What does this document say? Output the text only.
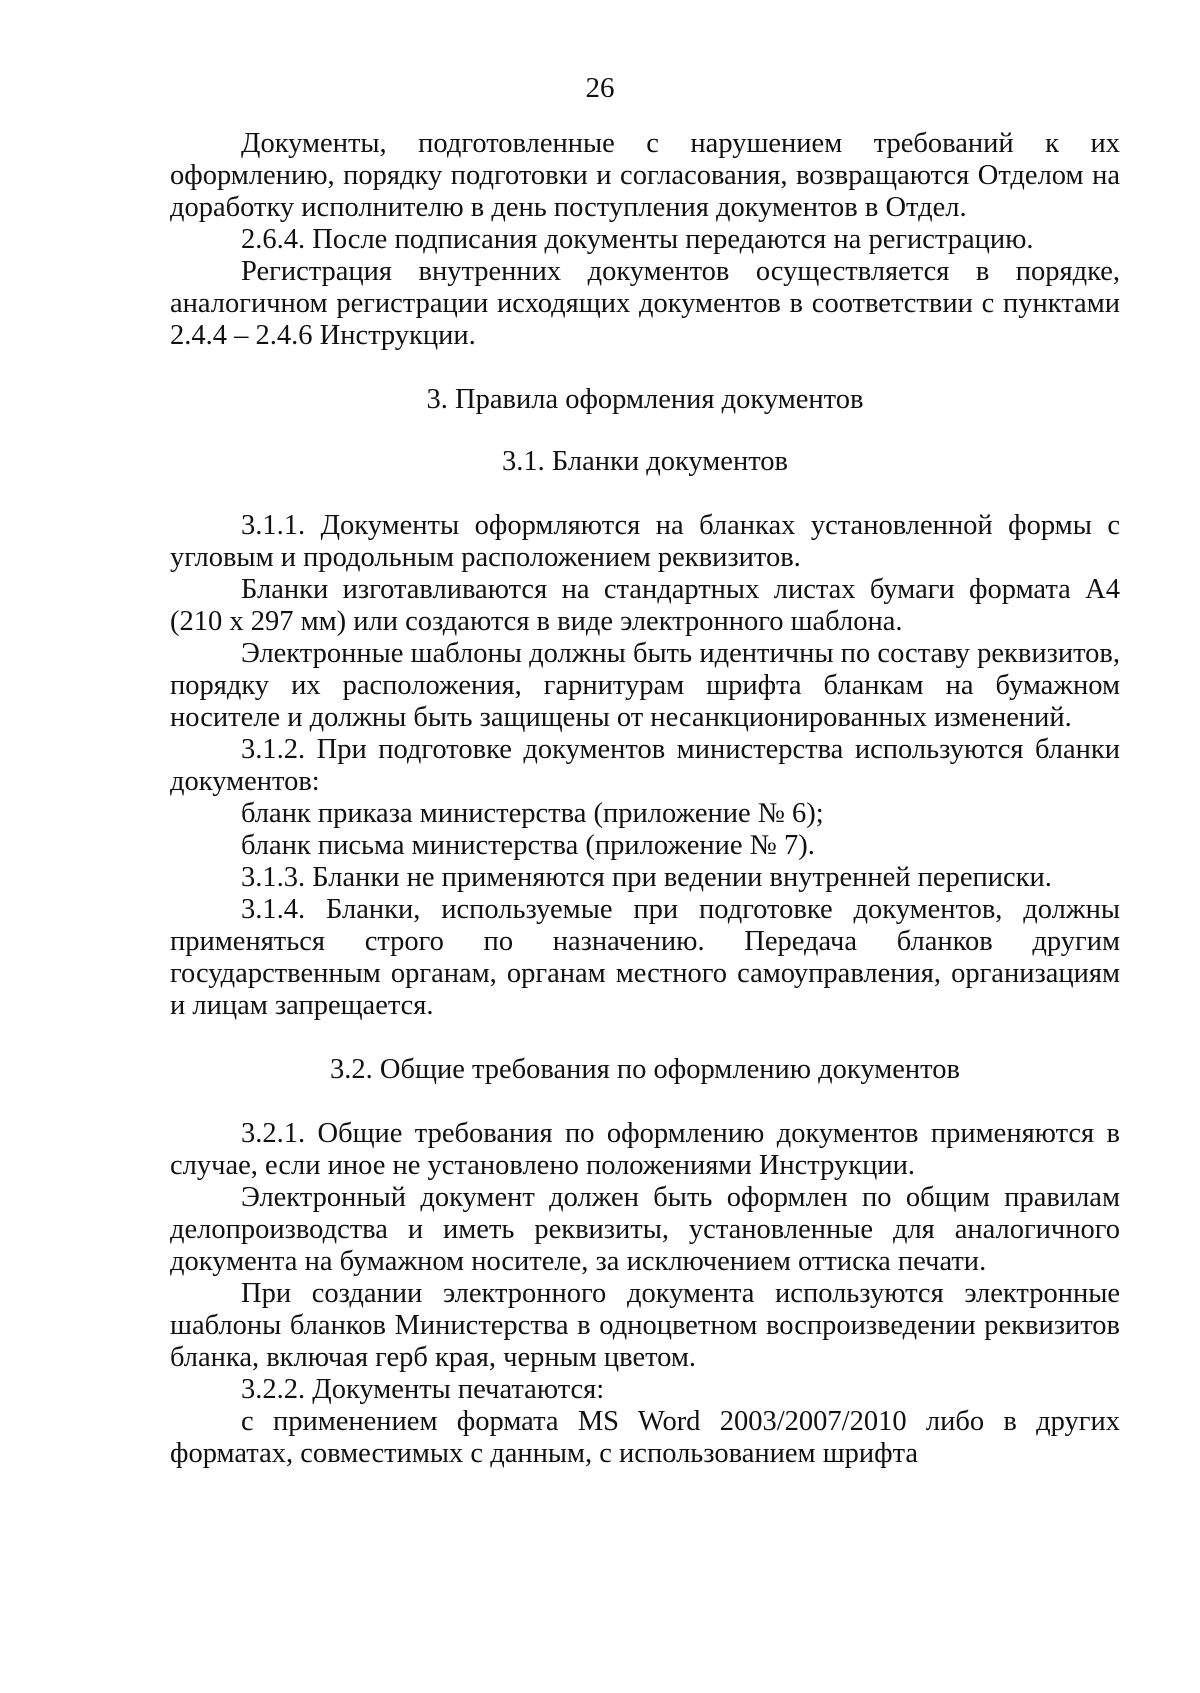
26

Документы, подготовленные с нарушением требований к их оформлению, порядку подготовки и согласования, возвращаются Отделом на доработку исполнителю в день поступления документов в Отдел.

2.6.4. После подписания документы передаются на регистрацию.

Регистрация внутренних документов осуществляется в порядке, аналогичном регистрации исходящих документов в соответствии с пунктами 2.4.4 – 2.4.6 Инструкции.

3. Правила оформления документов
3.1. Бланки документов

3.1.1. Документы оформляются на бланках установленной формы с угловым и продольным расположением реквизитов.

Бланки изготавливаются на стандартных листах бумаги формата А4 (210 х 297 мм) или создаются в виде электронного шаблона.

Электронные шаблоны должны быть идентичны по составу реквизитов, порядку их расположения, гарнитурам шрифта бланкам на бумажном носителе и должны быть защищены от несанкционированных изменений.

3.1.2. При подготовке документов министерства используются бланки документов:

бланк приказа министерства (приложение № 6);

бланк письма министерства (приложение № 7).

3.1.3. Бланки не применяются при ведении внутренней переписки.

3.1.4. Бланки, используемые при подготовке документов, должны применяться строго по назначению. Передача бланков другим государственным органам, органам местного самоуправления, организациям и лицам запрещается.

3.2. Общие требования по оформлению документов

3.2.1. Общие требования по оформлению документов применяются в случае, если иное не установлено положениями Инструкции.

Электронный документ должен быть оформлен по общим правилам делопроизводства и иметь реквизиты, установленные для аналогичного документа на бумажном носителе, за исключением оттиска печати.

При создании электронного документа используются электронные шаблоны бланков Министерства в одноцветном воспроизведении реквизитов бланка, включая герб края, черным цветом.

3.2.2. Документы печатаются:

с применением формата MS Word 2003/2007/2010 либо в других форматах, совместимых с данным, с использованием шрифта
